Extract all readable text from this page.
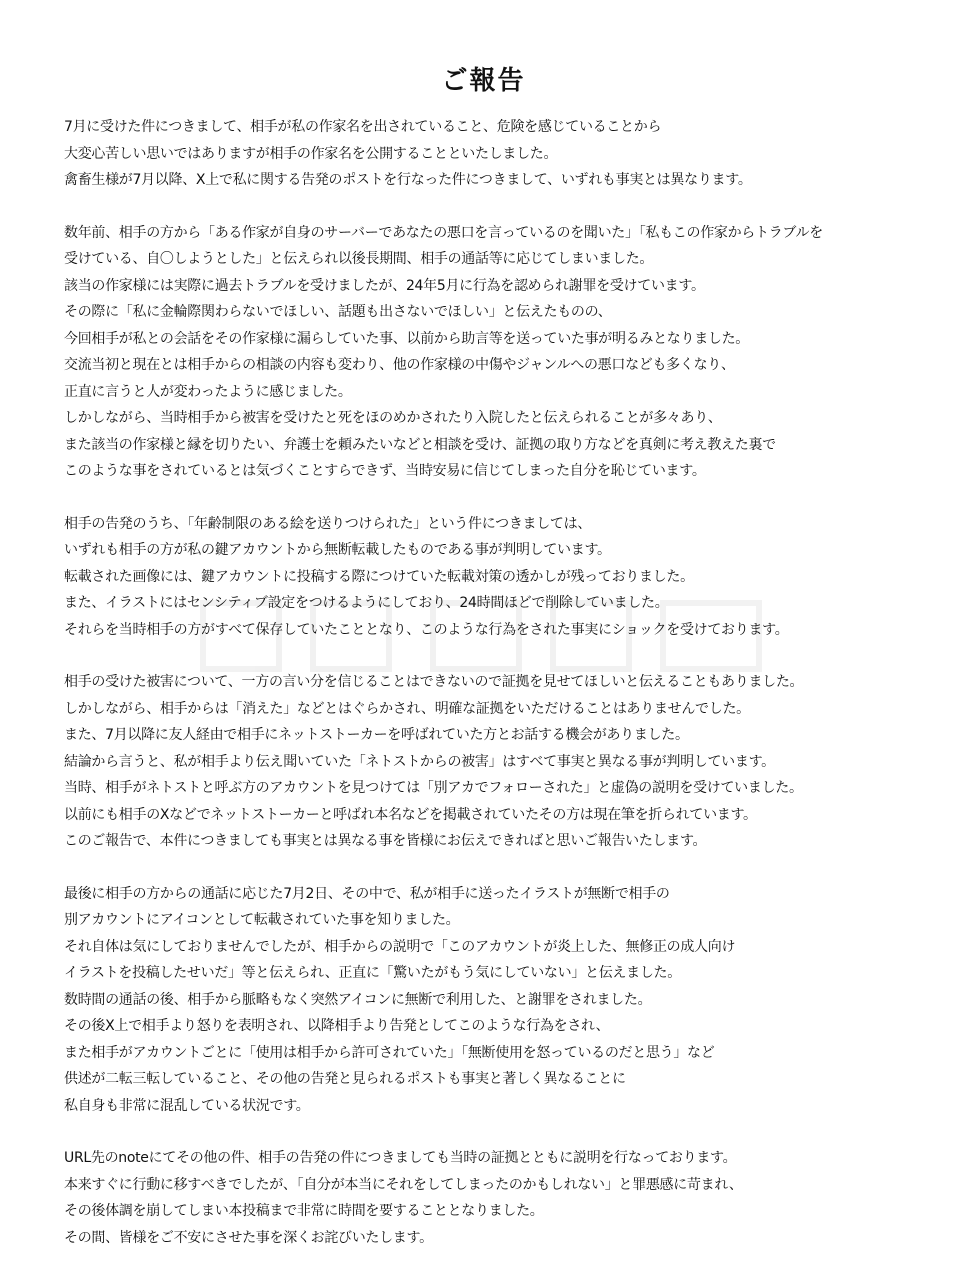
ご報告
7月に受けた件につきまして、相手が私の作家名を出されていること、危険を感じていることから
大変心苦しい思いではありますが相手の作家名を公開することといたしました。
禽畜生様が7月以降、X上で私に関する告発のポストを行なった件につきまして、いずれも事実とは異なります。
数年前、相手の方から「ある作家が自身のサーバーであなたの悪口を言っているのを聞いた」「私もこの作家からトラブルを
受けている、自〇しようとした」と伝えられ以後長期間、相手の通話等に応じてしまいました。
該当の作家様には実際に過去トラブルを受けましたが、24年5月に行為を認められ謝罪を受けています。
その際に「私に金輪際関わらないでほしい、話題も出さないでほしい」と伝えたものの、
今回相手が私との会話をその作家様に漏らしていた事、以前から助言等を送っていた事が明るみとなりました。
交流当初と現在とは相手からの相談の内容も変わり、他の作家様の中傷やジャンルへの悪口なども多くなり、
正直に言うと人が変わったように感じました。
しかしながら、当時相手から被害を受けたと死をほのめかされたり入院したと伝えられることが多々あり、
また該当の作家様と縁を切りたい、弁護士を頼みたいなどと相談を受け、証拠の取り方などを真剣に考え教えた裏で
このような事をされているとは気づくことすらできず、当時安易に信じてしまった自分を恥じています。
相手の告発のうち、「年齢制限のある絵を送りつけられた」という件につきましては、
いずれも相手の方が私の鍵アカウントから無断転載したものである事が判明しています。
転載された画像には、鍵アカウントに投稿する際につけていた転載対策の透かしが残っておりました。
また、イラストにはセンシティブ設定をつけるようにしており、24時間ほどで削除していました。
それらを当時相手の方がすべて保存していたこととなり、このような行為をされた事実にショックを受けております。
相手の受けた被害について、一方の言い分を信じることはできないので証拠を見せてほしいと伝えることもありました。
しかしながら、相手からは「消えた」などとはぐらかされ、明確な証拠をいただけることはありませんでした。
また、7月以降に友人経由で相手にネットストーカーを呼ばれていた方とお話する機会がありました。
結論から言うと、私が相手より伝え聞いていた「ネトストからの被害」はすべて事実と異なる事が判明しています。
当時、相手がネトストと呼ぶ方のアカウントを見つけては「別アカでフォローされた」と虚偽の説明を受けていました。
以前にも相手のXなどでネットストーカーと呼ばれ本名などを掲載されていたその方は現在筆を折られています。
このご報告で、本件につきましても事実とは異なる事を皆様にお伝えできればと思いご報告いたします。
最後に相手の方からの通話に応じた7月2日、その中で、私が相手に送ったイラストが無断で相手の
別アカウントにアイコンとして転載されていた事を知りました。
それ自体は気にしておりませんでしたが、相手からの説明で「このアカウントが炎上した、無修正の成人向け
イラストを投稿したせいだ」等と伝えられ、正直に「驚いたがもう気にしていない」と伝えました。
数時間の通話の後、相手から脈略もなく突然アイコンに無断で利用した、と謝罪をされました。
その後X上で相手より怒りを表明され、以降相手より告発としてこのような行為をされ、
また相手がアカウントごとに「使用は相手から許可されていた」「無断使用を怒っているのだと思う」など
供述が二転三転していること、その他の告発と見られるポストも事実と著しく異なることに
私自身も非常に混乱している状況です。
URL先のnoteにてその他の件、相手の告発の件につきましても当時の証拠とともに説明を行なっております。
本来すぐに行動に移すべきでしたが、「自分が本当にそれをしてしまったのかもしれない」と罪悪感に苛まれ、
その後体調を崩してしまい本投稿まで非常に時間を要することとなりました。
その間、皆様をご不安にさせた事を深くお詫びいたします。
